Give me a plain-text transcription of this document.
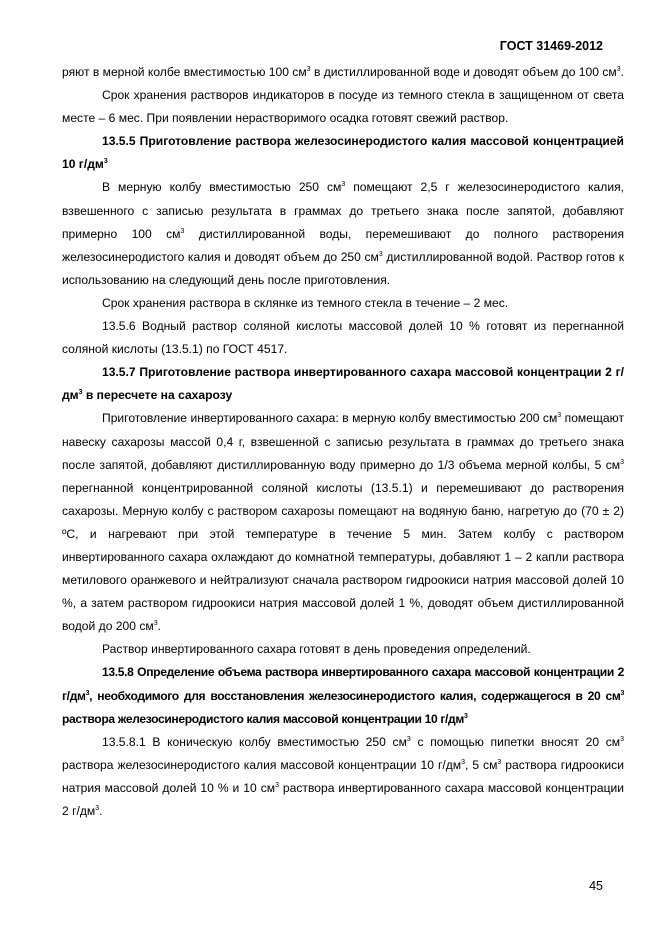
ГОСТ 31469-2012

ряют в мерной колбе вместимостью 100 $см^3$ в дистиллированной воде и доводят объем до 100 $см^3$.

Срок хранения растворов индикаторов в посуде из темного стекла в защищенном от света месте – 6 мес. При появлении нерастворимого осадка готовят свежий раствор.

13.5.5 Приготовление раствора железосинеродистого калия массовой концентрацией 10 $г/дм^3$

В мерную колбу вместимостью 250 $см^3$ помещают 2,5 г железосинеродистого калия, взвешенного с записью результата в граммах до третьего знака после запятой, добавляют примерно 100 $см^3$ дистиллированной воды, перемешивают до полного растворения железосинеродистого калия и доводят объем до 250 $см^3$ дистиллированной водой. Раствор готов к использованию на следующий день после приготовления.

Срок хранения раствора в склянке из темного стекла в течение – 2 мес.

13.5.6 Водный раствор соляной кислоты массовой долей 10 % готовят из перегнанной соляной кислоты (13.5.1) по ГОСТ 4517.

13.5.7 Приготовление раствора инвертированного сахара массовой концентрации 2 $г/дм^3$ в пересчете на сахарозу

Приготовление инвертированного сахара: в мерную колбу вместимостью 200 $см^3$ помещают навеску сахарозы массой 0,4 г, взвешенной с записью результата в граммах до третьего знака после запятой, добавляют дистиллированную воду примерно до 1/3 объема мерной колбы, 5 $см^3$ перегнанной концентрированной соляной кислоты (13.5.1) и перемешивают до растворения сахарозы. Мерную колбу с раствором сахарозы помещают на водяную баню, нагретую до (70 ± 2) ºC, и нагревают при этой температуре в течение 5 мин. Затем колбу с раствором инвертированного сахара охлаждают до комнатной температуры, добавляют 1 – 2 капли раствора метилового оранжевого и нейтрализуют сначала раствором гидроокиси натрия массовой долей 10 %, а затем раствором гидроокиси натрия массовой долей 1 %, доводят объем дистиллированной водой до 200 $см^3$.

Раствор инвертированного сахара готовят в день проведения определений.

13.5.8 Определение объема раствора инвертированного сахара массовой концентрации 2 $г/дм^3$, необходимого для восстановления железосинеродистого калия, содержащегося в 20 $см^3$ раствора железосинеродистого калия массовой концентрации 10 $г/дм^3$

13.5.8.1 В коническую колбу вместимостью 250 $см^3$ с помощью пипетки вносят 20 $см^3$ раствора железосинеродистого калия массовой концентрации 10 $г/дм^3$, 5 $см^3$ раствора гидроокиси натрия массовой долей 10 % и 10 $см^3$ раствора инвертированного сахара массовой концентрации 2 $г/дм^3$.

45
